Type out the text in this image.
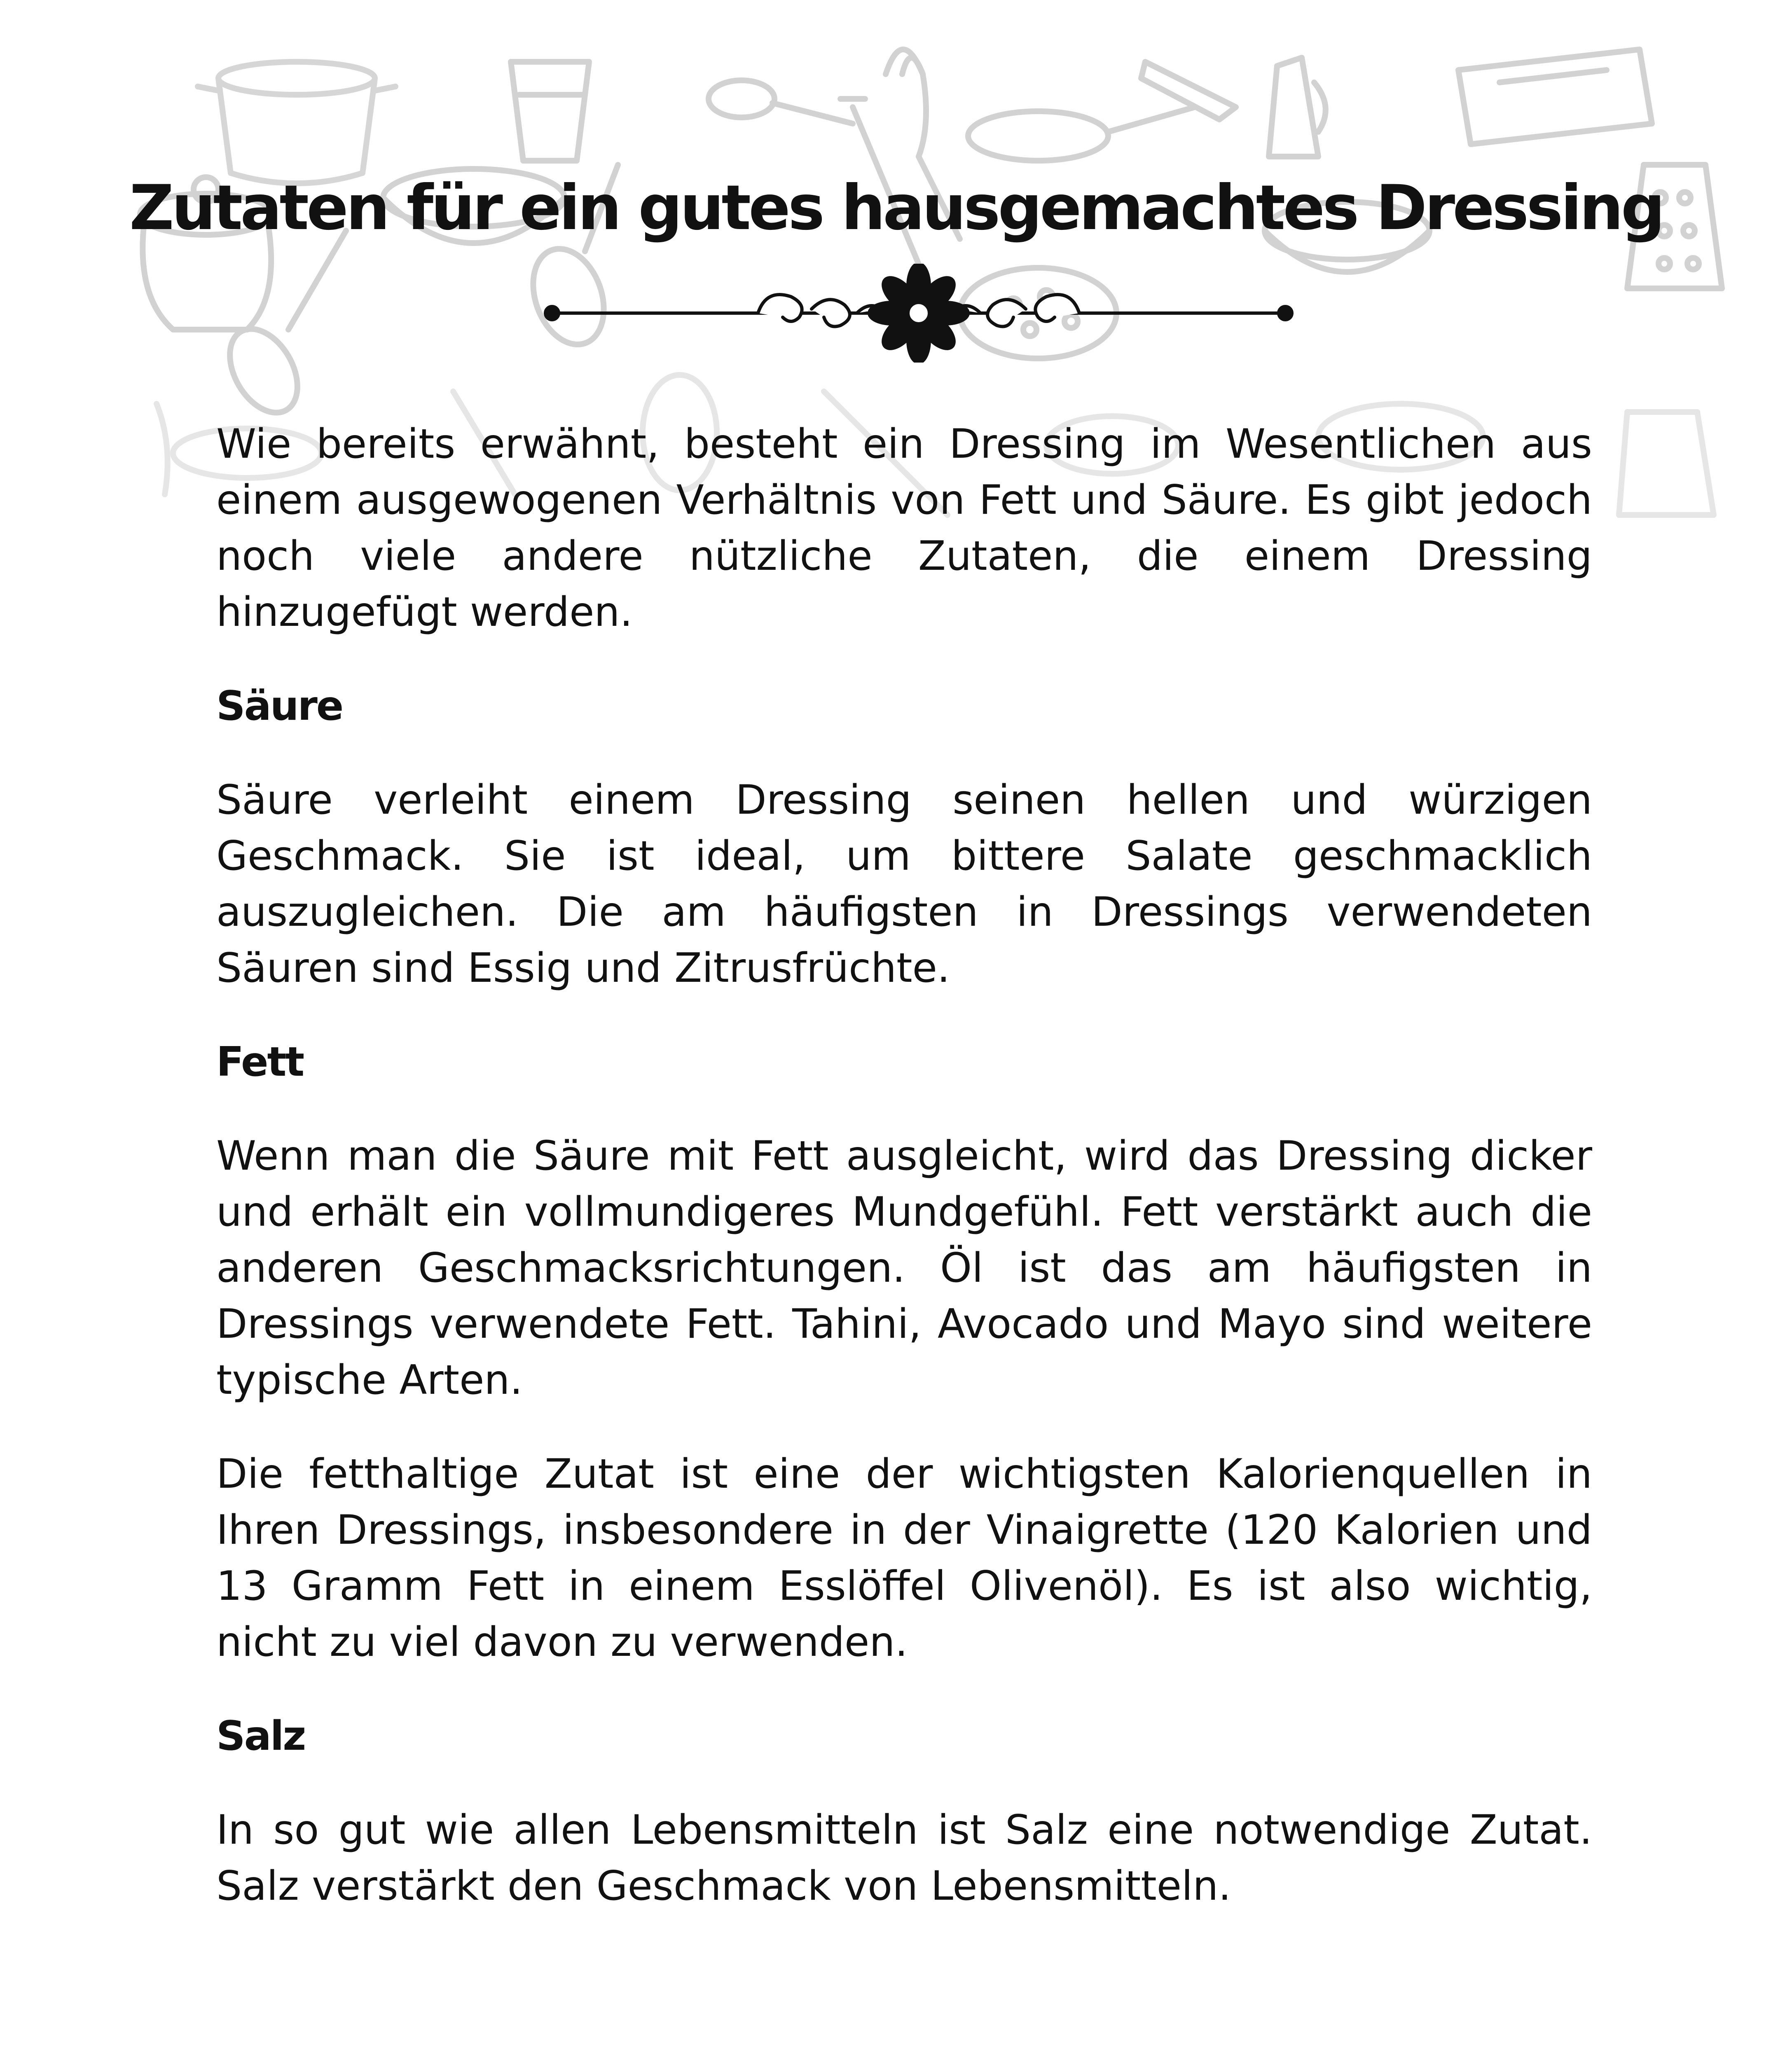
Zutaten für ein gutes hausgemachtes Dressing

Wie bereits erwähnt, besteht ein Dressing im Wesentlichen aus einem ausgewogenen Verhältnis von Fett und Säure. Es gibt jedoch noch viele andere nützliche Zutaten, die einem Dressing hinzugefügt werden.

Säure

Säure verleiht einem Dressing seinen hellen und würzigen Geschmack. Sie ist ideal, um bittere Salate geschmacklich auszugleichen. Die am häufigsten in Dressings verwendeten Säuren sind Essig und Zitrusfrüchte.

Fett

Wenn man die Säure mit Fett ausgleicht, wird das Dressing dicker und erhält ein vollmundigeres Mundgefühl. Fett verstärkt auch die anderen Geschmacksrichtungen. Öl ist das am häufigsten in Dressings verwendete Fett. Tahini, Avocado und Mayo sind weitere typische Arten.

Die fetthaltige Zutat ist eine der wichtigsten Kalorienquellen in Ihren Dressings, insbesondere in der Vinaigrette (120 Kalorien und 13 Gramm Fett in einem Esslöffel Olivenöl). Es ist also wichtig, nicht zu viel davon zu verwenden.

Salz

In so gut wie allen Lebensmitteln ist Salz eine notwendige Zutat. Salz verstärkt den Geschmack von Lebensmitteln.
